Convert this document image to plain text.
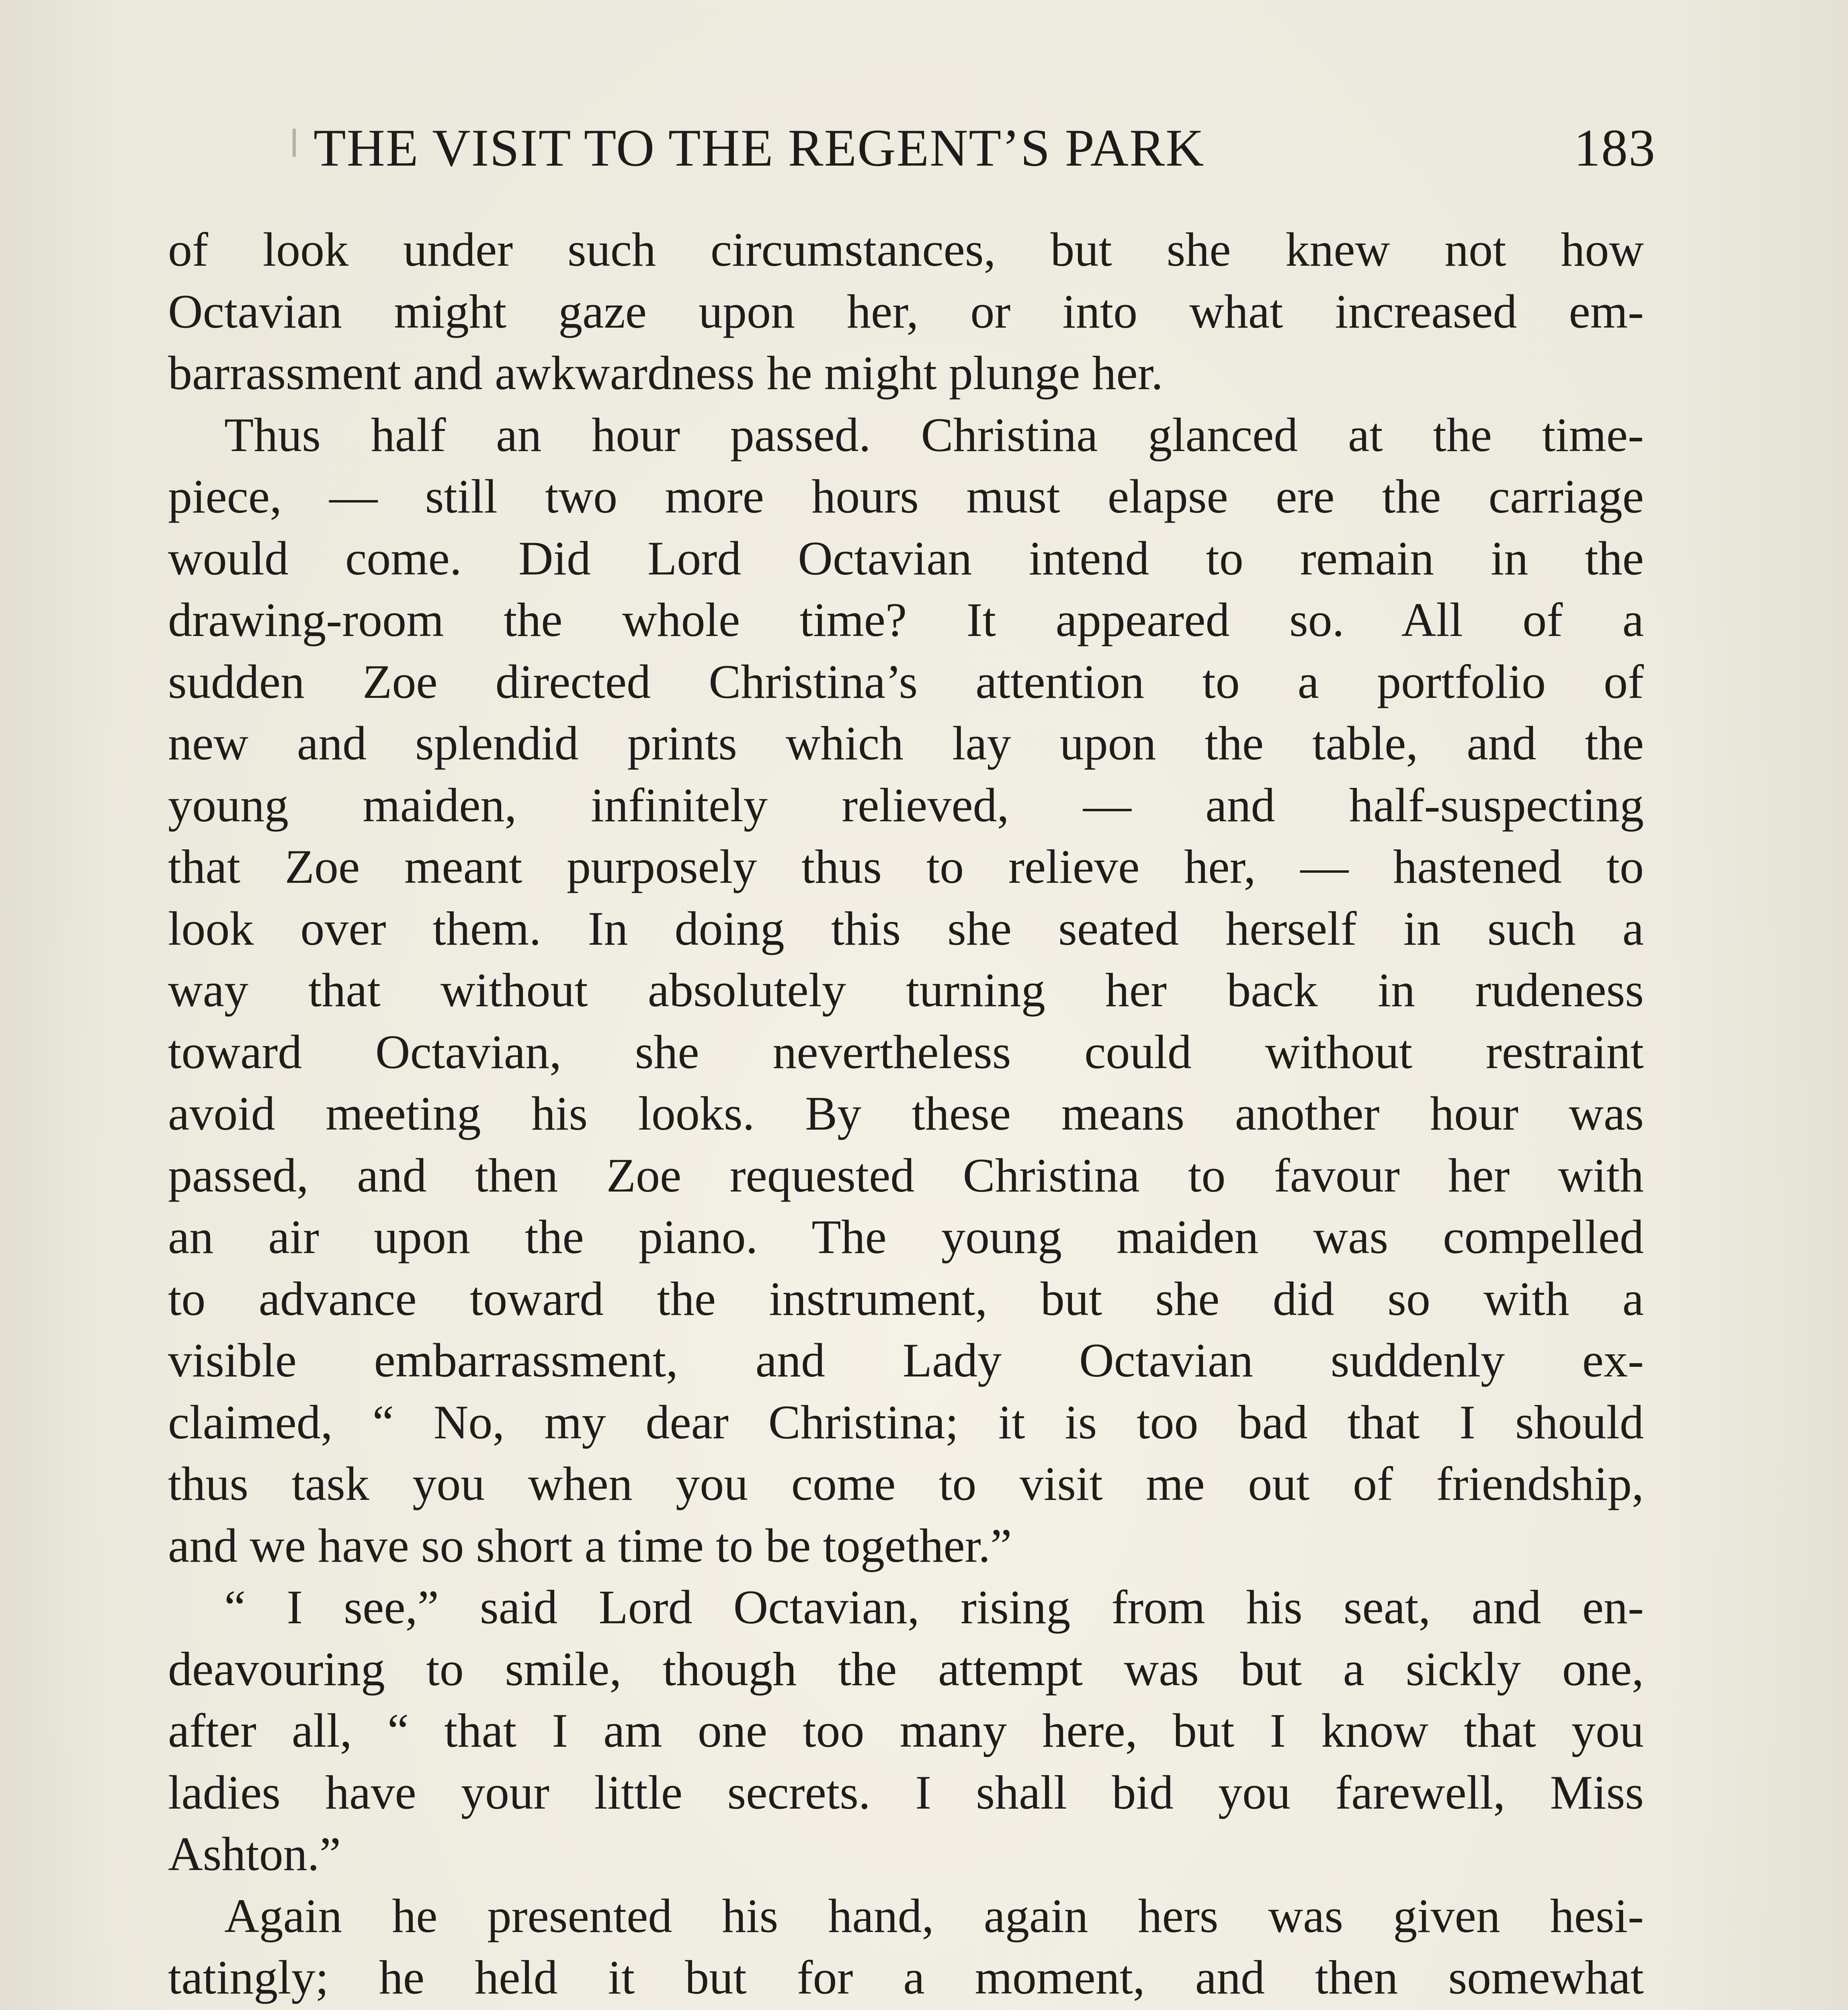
THE VISIT TO THE REGENT’S PARK	183
of look under such circumstances, but she knew not how
Octavian might gaze upon her, or into what increased em-
barrassment and awkwardness he might plunge her.
Thus half an hour passed. Christina glanced at the time-
piece, — still two more hours must elapse ere the carriage
would come. Did Lord Octavian intend to remain in the
drawing-room the whole time? It appeared so. All of a
sudden Zoe directed Christina’s attention to a portfolio of
new and splendid prints which lay upon the table, and the
young maiden, infinitely relieved, — and half-suspecting
that Zoe meant purposely thus to relieve her, — hastened to
look over them. In doing this she seated herself in such a
way that without absolutely turning her back in rudeness
toward Octavian, she nevertheless could without restraint
avoid meeting his looks. By these means another hour was
passed, and then Zoe requested Christina to favour her with
an air upon the piano. The young maiden was compelled
to advance toward the instrument, but she did so with a
visible embarrassment, and Lady Octavian suddenly ex-
claimed, “ No, my dear Christina; it is too bad that I should
thus task you when you come to visit me out of friendship,
and we have so short a time to be together.”
“ I see,” said Lord Octavian, rising from his seat, and en-
deavouring to smile, though the attempt was but a sickly one,
after all, “ that I am one too many here, but I know that you
ladies have your little secrets. I shall bid you farewell, Miss
Ashton.”
Again he presented his hand, again hers was given hesi-
tatingly; he held it but for a moment, and then somewhat
